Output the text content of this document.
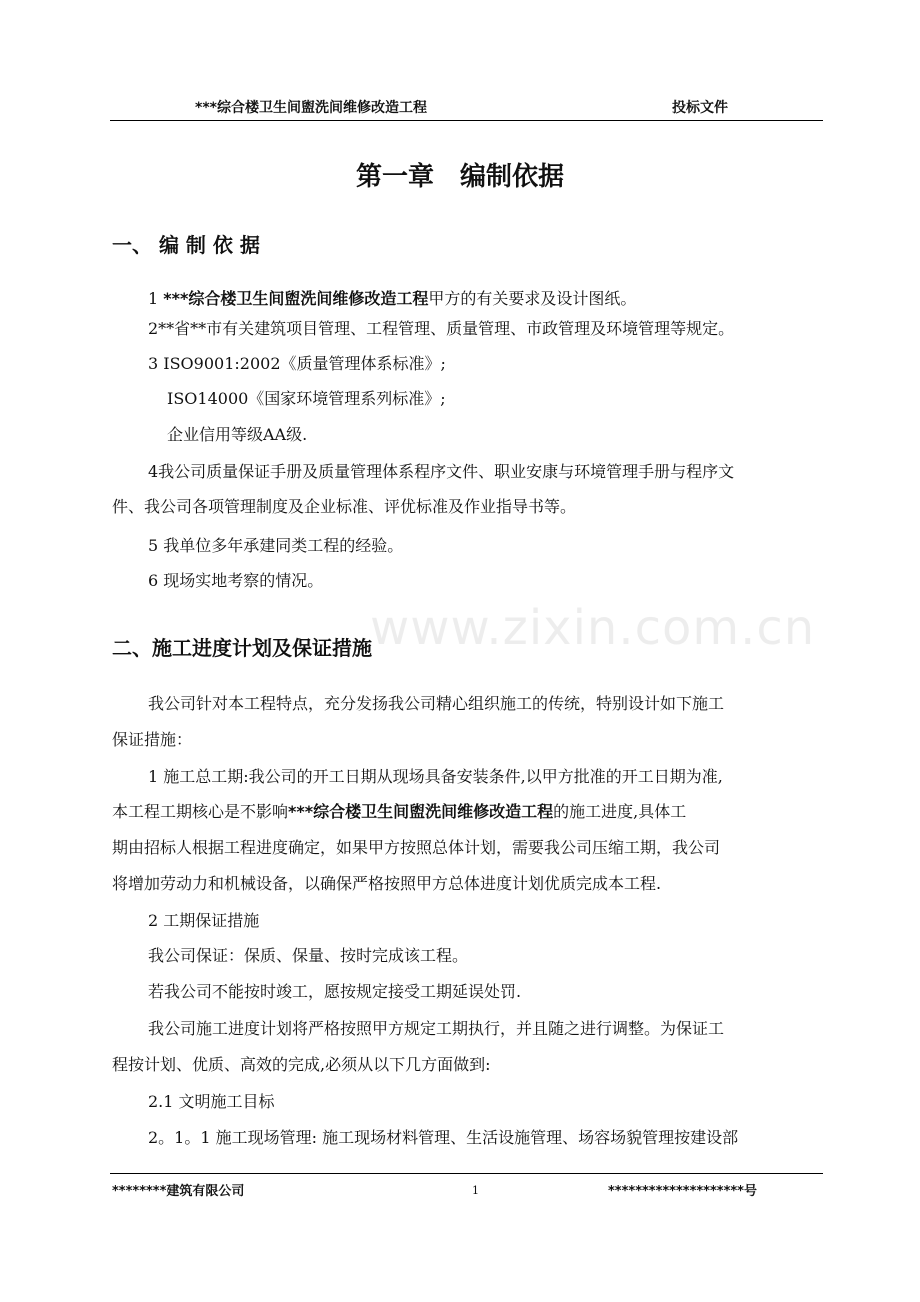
***综合楼卫生间盥洗间维修改造工程	投标文件
第一章　编制依据
一、 编 制 依 据
1 ***综合楼卫生间盥洗间维修改造工程甲方的有关要求及设计图纸。
2**省**市有关建筑项目管理、工程管理、质量管理、市政管理及环境管理等规定。
3 ISO9001:2002《质量管理体系标准》;
ISO14000《国家环境管理系列标准》;
企业信用等级AA级.
4我公司质量保证手册及质量管理体系程序文件、职业安康与环境管理手册与程序文
件、我公司各项管理制度及企业标准、评优标准及作业指导书等。
5 我单位多年承建同类工程的经验。
6 现场实地考察的情况。
www.zixin.com.cn
二、施工进度计划及保证措施
我公司针对本工程特点，充分发扬我公司精心组织施工的传统，特别设计如下施工
保证措施：
1 施工总工期:我公司的开工日期从现场具备安装条件,以甲方批准的开工日期为准,
本工程工期核心是不影响***综合楼卫生间盥洗间维修改造工程的施工进度,具体工
期由招标人根据工程进度确定，如果甲方按照总体计划，需要我公司压缩工期，我公司
将增加劳动力和机械设备，以确保严格按照甲方总体进度计划优质完成本工程.
2 工期保证措施
我公司保证：保质、保量、按时完成该工程。
若我公司不能按时竣工，愿按规定接受工期延误处罚.
我公司施工进度计划将严格按照甲方规定工期执行，并且随之进行调整。为保证工
程按计划、优质、高效的完成,必须从以下几方面做到:
2.1 文明施工目标
2。1。1 施工现场管理: 施工现场材料管理、生活设施管理、场容场貌管理按建设部
********建筑有限公司	1	********************号
